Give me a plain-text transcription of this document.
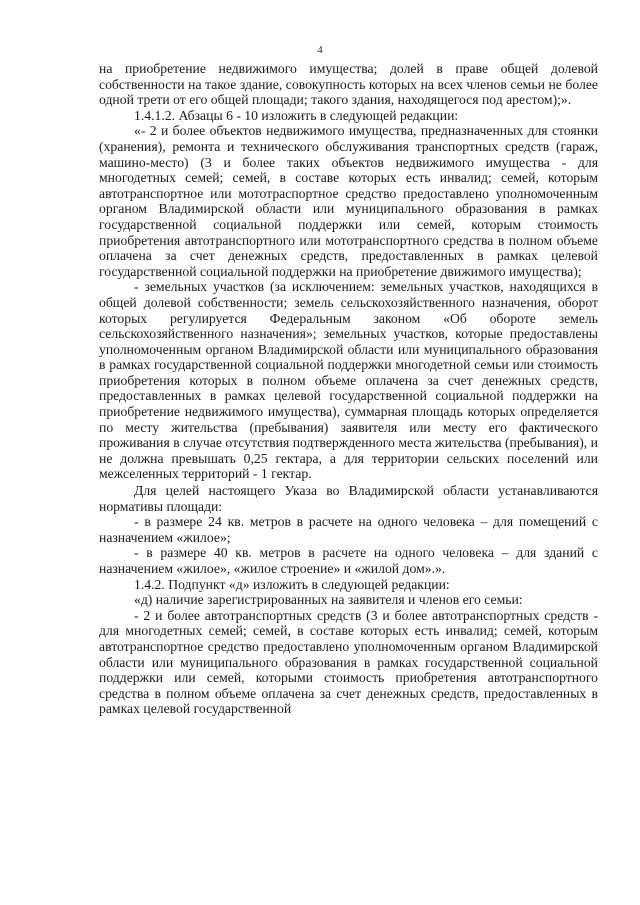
4

на приобретение недвижимого имущества; долей в праве общей долевой собственности на такое здание, совокупность которых на всех членов семьи не более одной трети от его общей площади; такого здания, находящегося под арестом);».

1.4.1.2. Абзацы 6 - 10 изложить в следующей редакции:

«- 2 и более объектов недвижимого имущества, предназначенных для стоянки (хранения), ремонта и технического обслуживания транспортных средств (гараж, машино-место) (3 и более таких объектов недвижимого имущества - для многодетных семей; семей, в составе которых есть инвалид; семей, которым автотранспортное или мототраспортное средство предоставлено уполномоченным органом Владимирской области или муниципального образования в рамках государственной социальной поддержки или семей, которым стоимость приобретения автотранспортного или мототранспортного средства в полном объеме оплачена за счет денежных средств, предоставленных в рамках целевой государственной социальной поддержки на приобретение движимого имущества);

- земельных участков (за исключением: земельных участков, находящихся в общей долевой собственности; земель сельскохозяйственного назначения, оборот которых регулируется Федеральным законом «Об обороте земель сельскохозяйственного назначения»; земельных участков, которые предоставлены уполномоченным органом Владимирской области или муниципального образования в рамках государственной социальной поддержки многодетной семьи или стоимость приобретения которых в полном объеме оплачена за счет денежных средств, предоставленных в рамках целевой государственной социальной поддержки на приобретение недвижимого имущества), суммарная площадь которых определяется по месту жительства (пребывания) заявителя или месту его фактического проживания в случае отсутствия подтвержденного места жительства (пребывания), и не должна превышать 0,25 гектара, а для территории сельских поселений или межселенных территорий - 1 гектар.

Для целей настоящего Указа во Владимирской области устанавливаются нормативы площади:

- в размере 24 кв. метров в расчете на одного человека – для помещений с назначением «жилое»;

- в размере 40 кв. метров в расчете на одного человека – для зданий с назначением «жилое», «жилое строение» и «жилой дом».».

1.4.2. Подпункт «д» изложить в следующей редакции:

«д) наличие зарегистрированных на заявителя и членов его семьи:

- 2 и более автотранспортных средств (3 и более автотранспортных средств - для многодетных семей; семей, в составе которых есть инвалид; семей, которым автотранспортное средство предоставлено уполномоченным органом Владимирской области или муниципального образования в рамках государственной социальной поддержки или семей, которыми стоимость приобретения автотранспортного средства в полном объеме оплачена за счет денежных средств, предоставленных в рамках целевой государственной
